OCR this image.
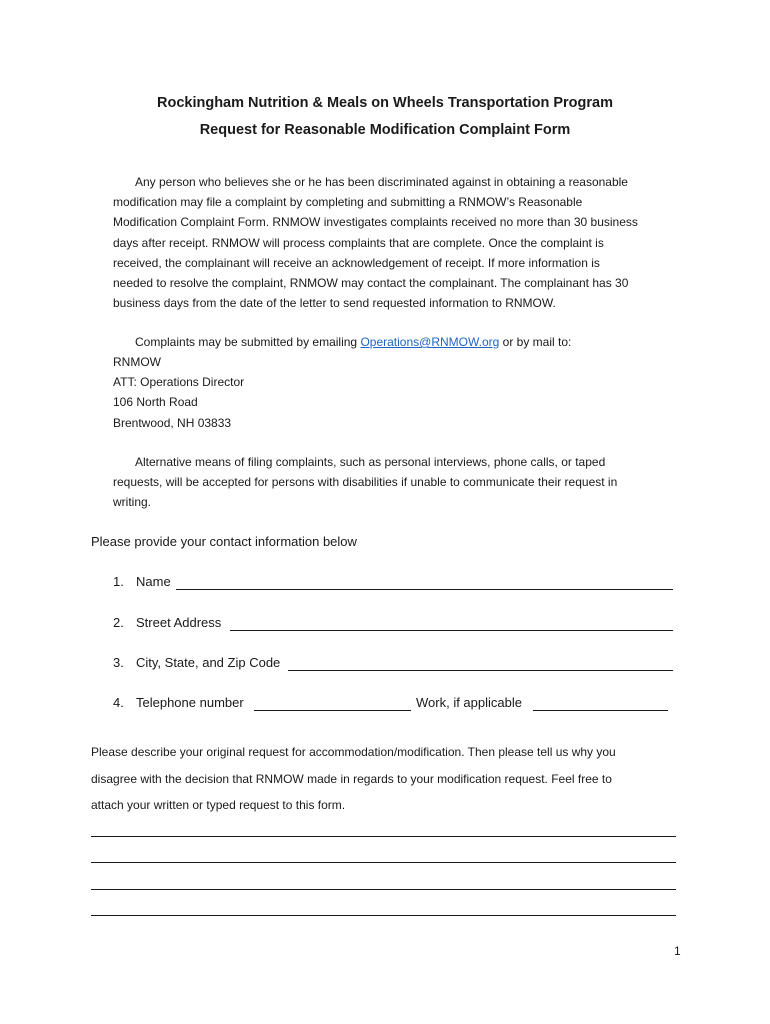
Rockingham Nutrition & Meals on Wheels Transportation Program
Request for Reasonable Modification Complaint Form
Any person who believes she or he has been discriminated against in obtaining a reasonable
modification may file a complaint by completing and submitting a RNMOW’s Reasonable
Modification Complaint Form. RNMOW investigates complaints received no more than 30 business
days after receipt. RNMOW will process complaints that are complete. Once the complaint is
received, the complainant will receive an acknowledgement of receipt. If more information is
needed to resolve the complaint, RNMOW may contact the complainant. The complainant has 30
business days from the date of the letter to send requested information to RNMOW.
Complaints may be submitted by emailing Operations@RNMOW.org or by mail to:
RNMOW
ATT: Operations Director
106 North Road
Brentwood, NH 03833
Alternative means of filing complaints, such as personal interviews, phone calls, or taped
requests, will be accepted for persons with disabilities if unable to communicate their request in
writing.
Please provide your contact information below
1. Name
2. Street Address
3. City, State, and Zip Code
4. Telephone number	Work, if applicable
Please describe your original request for accommodation/modification. Then please tell us why you
disagree with the decision that RNMOW made in regards to your modification request. Feel free to
attach your written or typed request to this form.
1
